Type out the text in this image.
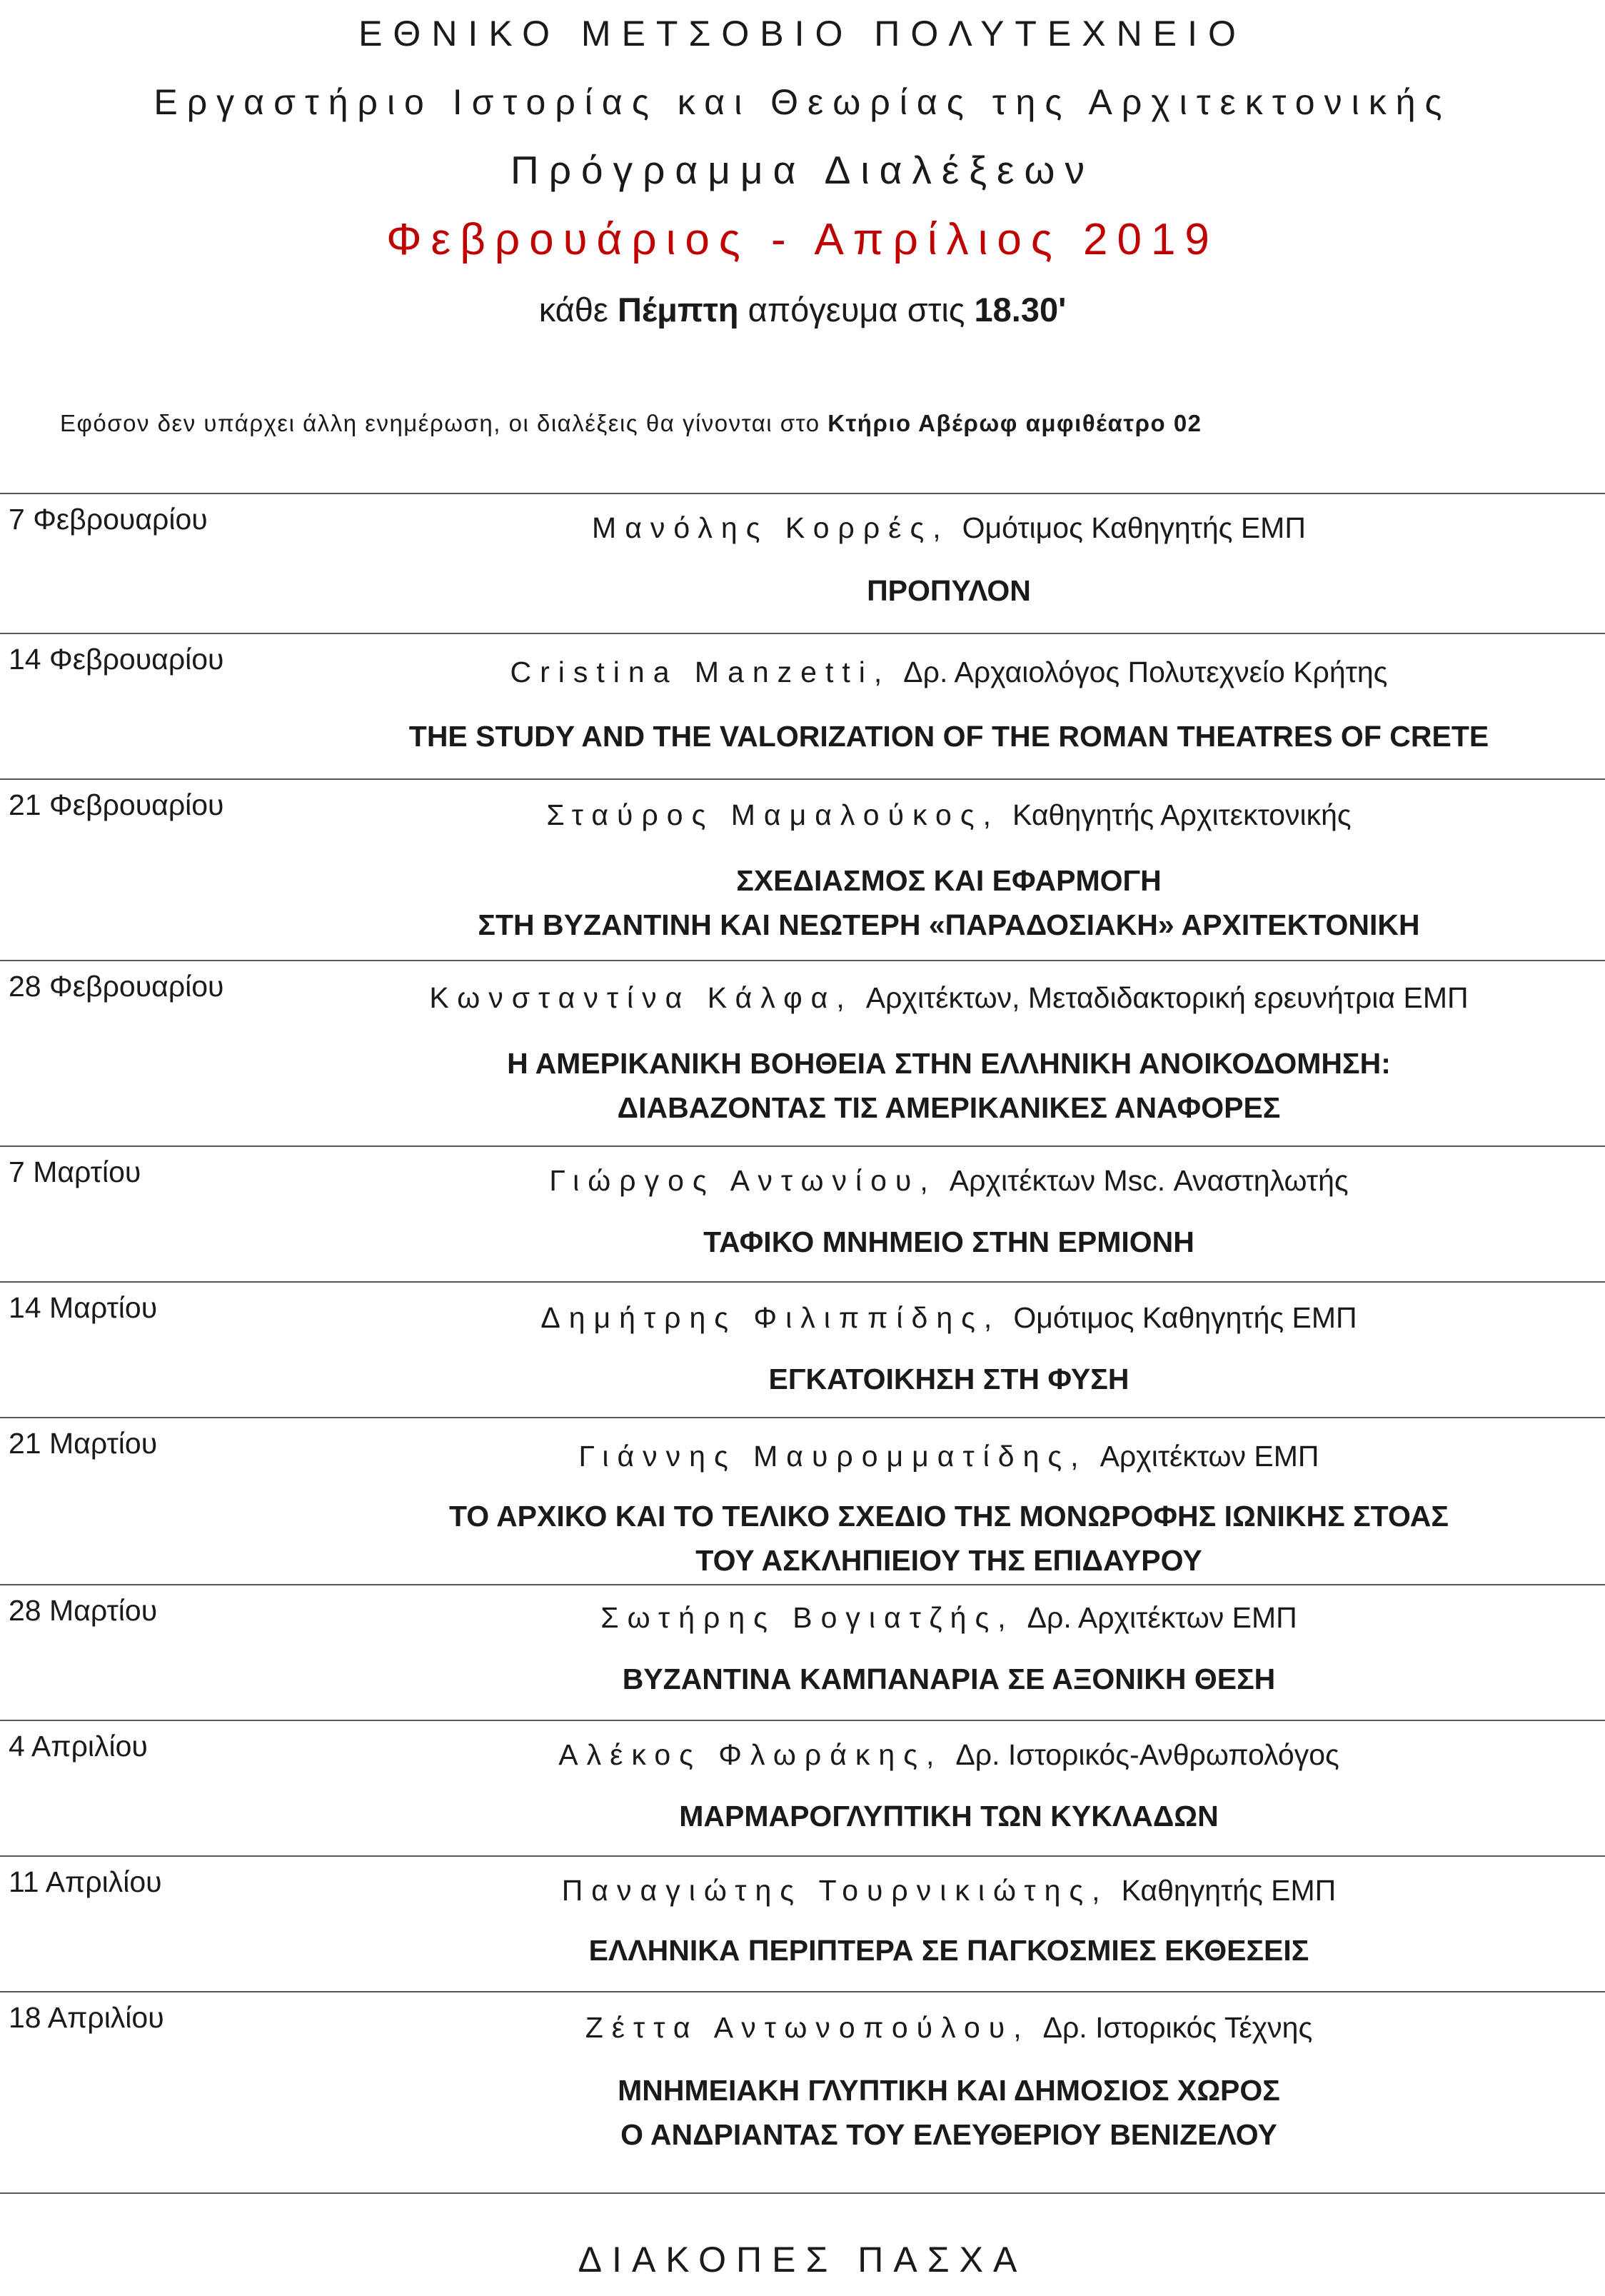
ΕΘΝΙΚΟ ΜΕΤΣΟΒΙΟ ΠΟΛΥΤΕΧΝΕΙΟ
Εργαστήριο Ιστορίας και Θεωρίας της Αρχιτεκτονικής
Πρόγραμμα Διαλέξεων
Φεβρουάριος - Απρίλιος 2019
κάθε Πέμπτη απόγευμα στις 18.30'
Εφόσον δεν υπάρχει άλλη ενημέρωση, οι διαλέξεις θα γίνονται στο Κτήριο Αβέρωφ αμφιθέατρο 02
7 Φεβρουαρίου	Μανόλης Κορρές, Ομότιμος Καθηγητής ΕΜΠ
ΠΡΟΠΥΛΟΝ
14 Φεβρουαρίου	Cristina Manzetti, Δρ. Αρχαιολόγος Πολυτεχνείο Κρήτης
THE STUDY AND THE VALORIZATION OF THE ROMAN THEATRES OF CRETE
21 Φεβρουαρίου	Σταύρος Μαμαλούκος, Καθηγητής Αρχιτεκτονικής
ΣΧΕΔΙΑΣΜΟΣ ΚΑΙ ΕΦΑΡΜΟΓΗ
ΣΤΗ ΒΥΖΑΝΤΙΝΗ ΚΑΙ ΝΕΩΤΕΡΗ «ΠΑΡΑΔΟΣΙΑΚΗ» ΑΡΧΙΤΕΚΤΟΝΙΚΗ
28 Φεβρουαρίου	Κωνσταντίνα Κάλφα, Αρχιτέκτων, Μεταδιδακτορική ερευνήτρια ΕΜΠ
Η ΑΜΕΡΙΚΑΝΙΚΗ ΒΟΗΘΕΙΑ ΣΤΗΝ ΕΛΛΗΝΙΚΗ ΑΝΟΙΚΟΔΟΜΗΣΗ:
ΔΙΑΒΑΖΟΝΤΑΣ ΤΙΣ ΑΜΕΡΙΚΑΝΙΚΕΣ ΑΝΑΦΟΡΕΣ
7 Μαρτίου	Γιώργος Αντωνίου, Αρχιτέκτων Msc. Αναστηλωτής
ΤΑΦΙΚΟ ΜΝΗΜΕΙΟ ΣΤΗΝ ΕΡΜΙΟΝΗ
14 Μαρτίου	Δημήτρης Φιλιππίδης, Ομότιμος Καθηγητής ΕΜΠ
ΕΓΚΑΤΟΙΚΗΣΗ ΣΤΗ ΦΥΣΗ
21 Μαρτίου	Γιάννης Μαυρομματίδης, Αρχιτέκτων ΕΜΠ
ΤΟ ΑΡΧΙΚΟ ΚΑΙ ΤΟ ΤΕΛΙΚΟ ΣΧΕΔΙΟ ΤΗΣ ΜΟΝΩΡΟΦΗΣ ΙΩΝΙΚΗΣ ΣΤΟΑΣ
ΤΟΥ ΑΣΚΛΗΠΙΕΙΟΥ ΤΗΣ ΕΠΙΔΑΥΡΟΥ
28 Μαρτίου	Σωτήρης Βογιατζής, Δρ. Αρχιτέκτων ΕΜΠ
ΒΥΖΑΝΤΙΝΑ ΚΑΜΠΑΝΑΡΙΑ ΣΕ ΑΞΟΝΙΚΗ ΘΕΣΗ
4 Απριλίου	Αλέκος Φλωράκης, Δρ. Ιστορικός-Ανθρωπολόγος
ΜΑΡΜΑΡΟΓΛΥΠΤΙΚΗ ΤΩΝ ΚΥΚΛΑΔΩΝ
11 Απριλίου	Παναγιώτης Τουρνικιώτης, Καθηγητής ΕΜΠ
ΕΛΛΗΝΙΚΑ ΠΕΡΙΠΤΕΡΑ ΣΕ ΠΑΓΚΟΣΜΙΕΣ ΕΚΘΕΣΕΙΣ
18 Απριλίου	Ζέττα Αντωνοπούλου, Δρ. Ιστορικός Τέχνης
ΜΝΗΜΕΙΑΚΗ ΓΛΥΠΤΙΚΗ ΚΑΙ ΔΗΜΟΣΙΟΣ ΧΩΡΟΣ
Ο ΑΝΔΡΙΑΝΤΑΣ ΤΟΥ ΕΛΕΥΘΕΡΙΟΥ ΒΕΝΙΖΕΛΟΥ
ΔΙΑΚΟΠΕΣ ΠΑΣΧΑ
